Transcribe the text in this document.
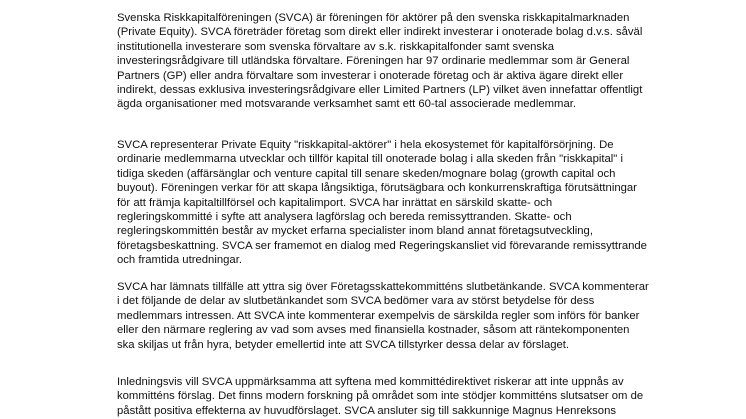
Svenska Riskkapitalföreningen (SVCA) är föreningen för aktörer på den svenska riskkapitalmarknaden
(Private Equity). SVCA företräder företag som direkt eller indirekt investerar i onoterade bolag d.v.s. såväl
institutionella investerare som svenska förvaltare av s.k. riskkapitalfonder samt svenska
investeringsrådgivare till utländska förvaltare. Föreningen har 97 ordinarie medlemmar som är General
Partners (GP) eller andra förvaltare som investerar i onoterade företag och är aktiva ägare direkt eller
indirekt, dessas exklusiva investeringsrådgivare eller Limited Partners (LP) vilket även innefattar offentligt
ägda organisationer med motsvarande verksamhet samt ett 60-tal associerade medlemmar.
SVCA representerar Private Equity "riskkapital-aktörer" i hela ekosystemet för kapitalförsörjning. De
ordinarie medlemmarna utvecklar och tillför kapital till onoterade bolag i alla skeden från "riskkapital" i
tidiga skeden (affärsänglar och venture capital till senare skeden/mognare bolag (growth capital och
buyout). Föreningen verkar för att skapa långsiktiga, förutsägbara och konkurrenskraftiga förutsättningar
för att främja kapitaltillförsel och kapitalimport. SVCA har inrättat en särskild skatte- och
regleringskommitté i syfte att analysera lagförslag och bereda remissyttranden. Skatte- och
regleringskommittén består av mycket erfarna specialister inom bland annat företagsutveckling,
företagsbeskattning. SVCA ser framemot en dialog med Regeringskansliet vid förevarande remissyttrande
och framtida utredningar.
SVCA har lämnats tillfälle att yttra sig över Företagsskattekommitténs slutbetänkande. SVCA kommenterar
i det följande de delar av slutbetänkandet som SVCA bedömer vara av störst betydelse för dess
medlemmars intressen. Att SVCA inte kommenterar exempelvis de särskilda regler som införs för banker
eller den närmare reglering av vad som avses med finansiella kostnader, såsom att räntekomponenten
ska skiljas ut från hyra, betyder emellertid inte att SVCA tillstyrker dessa delar av förslaget.
Inledningsvis vill SVCA uppmärksamma att syftena med kommittédirektivet riskerar att inte uppnås av
kommitténs förslag. Det finns modern forskning på området som inte stödjer kommitténs slutsatser om de
påstått positiva effekterna av huvudförslaget. SVCA ansluter sig till sakkunnige Magnus Henreksons
